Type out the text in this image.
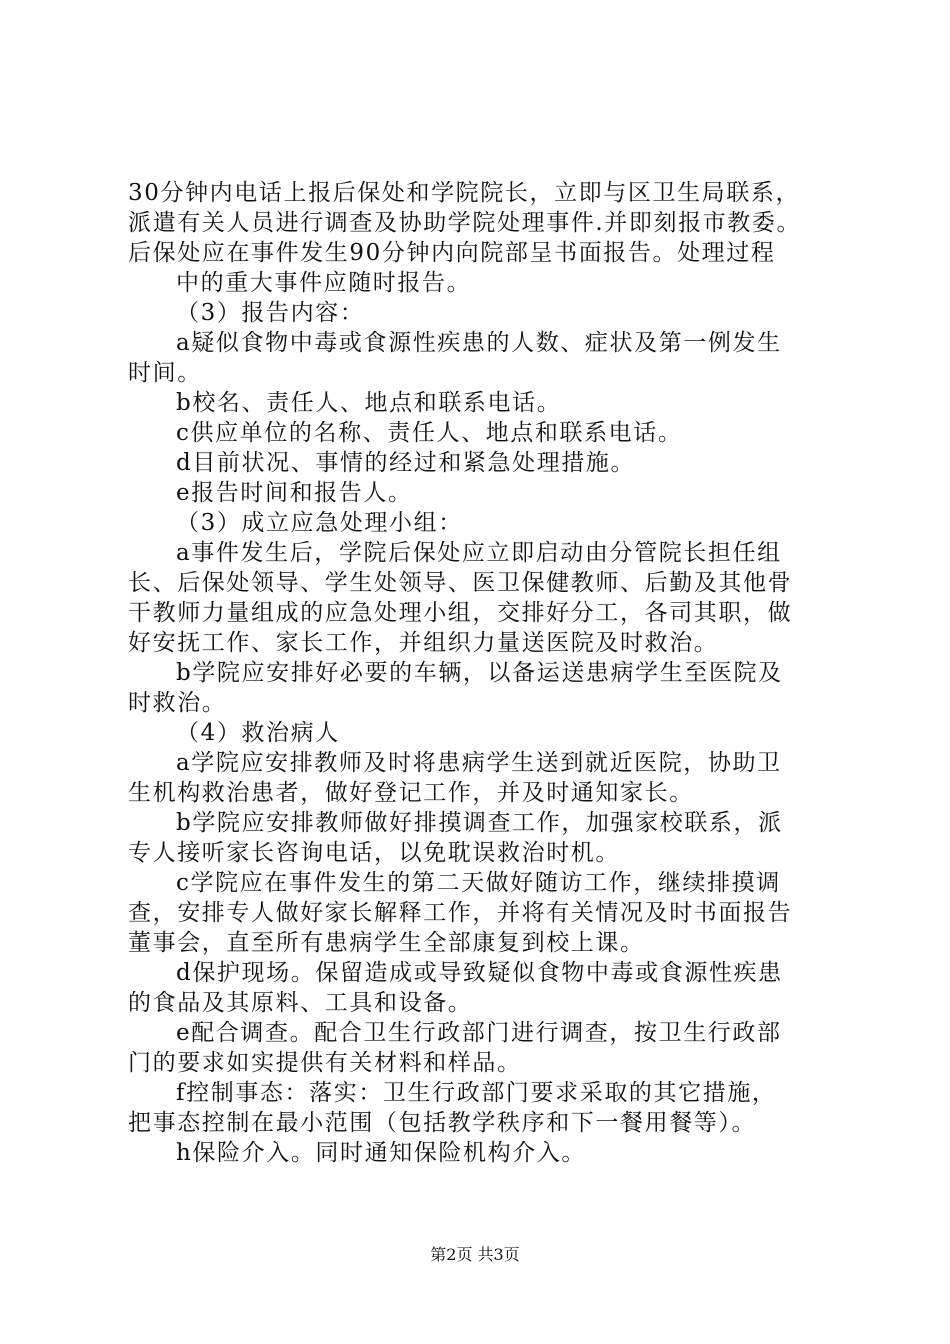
30分钟内电话上报后保处和学院院长，立即与区卫生局联系，
派遣有关人员进行调查及协助学院处理事件.并即刻报市教委。
后保处应在事件发生90分钟内向院部呈书面报告。处理过程
中的重大事件应随时报告。
（3）报告内容：
a疑似食物中毒或食源性疾患的人数、症状及第一例发生
时间。
b校名、责任人、地点和联系电话。
c供应单位的名称、责任人、地点和联系电话。
d目前状况、事情的经过和紧急处理措施。
e报告时间和报告人。
（3）成立应急处理小组：
a事件发生后，学院后保处应立即启动由分管院长担任组
长、后保处领导、学生处领导、医卫保健教师、后勤及其他骨
干教师力量组成的应急处理小组，交排好分工，各司其职，做
好安抚工作、家长工作，并组织力量送医院及时救治。
b学院应安排好必要的车辆，以备运送患病学生至医院及
时救治。
（4）救治病人
a学院应安排教师及时将患病学生送到就近医院，协助卫
生机构救治患者，做好登记工作，并及时通知家长。
b学院应安排教师做好排摸调查工作，加强家校联系，派
专人接听家长咨询电话，以免耽误救治时机。
c学院应在事件发生的第二天做好随访工作，继续排摸调
查，安排专人做好家长解释工作，并将有关情况及时书面报告
董事会，直至所有患病学生全部康复到校上课。
d保护现场。保留造成或导致疑似食物中毒或食源性疾患
的食品及其原料、工具和设备。
e配合调查。配合卫生行政部门进行调查，按卫生行政部
门的要求如实提供有关材料和样品。
f控制事态：落实：卫生行政部门要求采取的其它措施，
把事态控制在最小范围（包括教学秩序和下一餐用餐等）。
h保险介入。同时通知保险机构介入。
第2页 共3页
